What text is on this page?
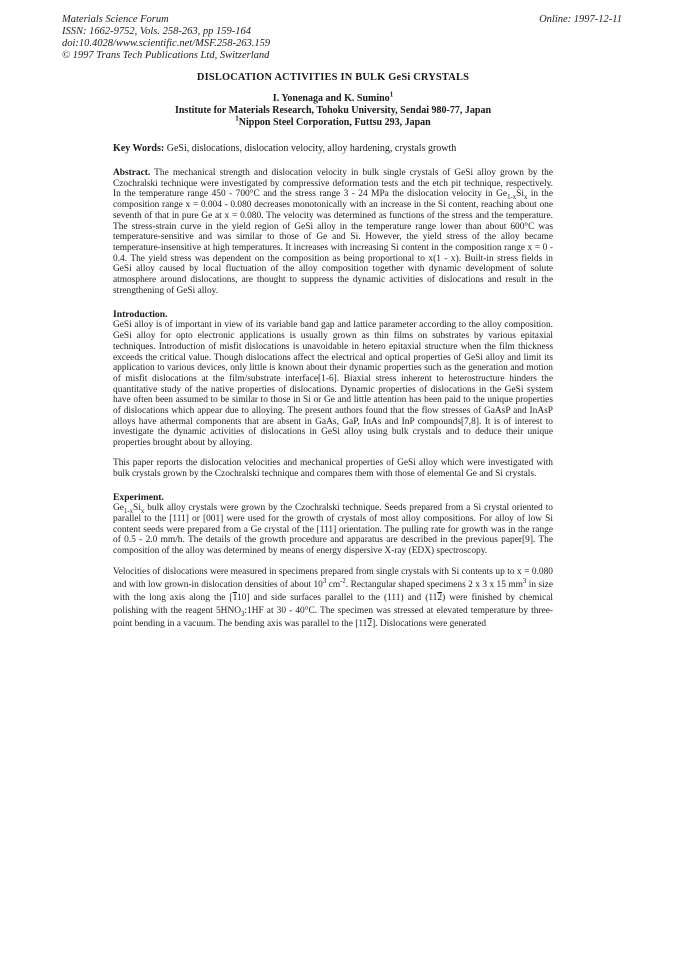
Materials Science Forum
ISSN: 1662-9752, Vols. 258-263, pp 159-164
doi:10.4028/www.scientific.net/MSF.258-263.159
© 1997 Trans Tech Publications Ltd, Switzerland
Online: 1997-12-11
DISLOCATION ACTIVITIES IN BULK GeSi CRYSTALS
I. Yonenaga and K. Sumino$^1$
Institute for Materials Research, Tohoku University, Sendai 980-77, Japan
$^1$Nippon Steel Corporation, Futtsu 293, Japan
Key Words: GeSi, dislocations, dislocation velocity, alloy hardening, crystals growth

Abstract. The mechanical strength and dislocation velocity in bulk single crystals of GeSi alloy grown by the Czochralski technique were investigated by compressive deformation tests and the etch pit technique, respectively. In the temperature range 450 - 700°C and the stress range 3 - 24 MPa the dislocation velocity in $Ge_{1-x}Si_x$ in the composition range x = 0.004 - 0.080 decreases monotonically with an increase in the Si content, reaching about one seventh of that in pure Ge at x = 0.080. The velocity was determined as functions of the stress and the temperature. The stress-strain curve in the yield region of GeSi alloy in the temperature range lower than about 600°C was temperature-sensitive and was similar to those of Ge and Si. However, the yield stress of the alloy became temperature-insensitive at high temperatures. It increases with increasing Si content in the composition range x = 0 - 0.4. The yield stress was dependent on the composition as being proportional to x(1 - x). Built-in stress fields in GeSi alloy caused by local fluctuation of the alloy composition together with dynamic development of solute atmosphere around dislocations, are thought to suppress the dynamic activities of dislocations and result in the strengthening of GeSi alloy.

Introduction.

GeSi alloy is of important in view of its variable band gap and lattice parameter according to the alloy composition. GeSi alloy for opto electronic applications is usually grown as thin films on substrates by various epitaxial techniques. Introduction of misfit dislocations is unavoidable in hetero epitaxial structure when the film thickness exceeds the critical value. Though dislocations affect the electrical and optical properties of GeSi alloy and limit its application to various devices, only little is known about their dynamic properties such as the generation and motion of misfit dislocations at the film/substrate interface[1-6]. Biaxial stress inherent to heterostructure hinders the quantitative study of the native properties of dislocations. Dynamic properties of dislocations in the GeSi system have often been assumed to be similar to those in Si or Ge and little attention has been paid to the unique properties of dislocations which appear due to alloying. The present authors found that the flow stresses of GaAsP and InAsP alloys have athermal components that are absent in GaAs, GaP, InAs and InP compounds[7,8]. It is of interest to investigate the dynamic activities of dislocations in GeSi alloy using bulk crystals and to deduce their unique properties brought about by alloying.

This paper reports the dislocation velocities and mechanical properties of GeSi alloy which were investigated with bulk crystals grown by the Czochralski technique and compares them with those of elemental Ge and Si crystals.

Experiment.

$Ge_{1-x}Si_x$ bulk alloy crystals were grown by the Czochralski technique. Seeds prepared from a Si crystal oriented to parallel to the [111] or [001] were used for the growth of crystals of most alloy compositions. For alloy of low Si content seeds were prepared from a Ge crystal of the [111] orientation. The pulling rate for growth was in the range of 0.5 - 2.0 mm/h. The details of the growth procedure and apparatus are described in the previous paper[9]. The composition of the alloy was determined by means of energy dispersive X-ray (EDX) spectroscopy.

Velocities of dislocations were measured in specimens prepared from single crystals with Si contents up to x = 0.080 and with low grown-in dislocation densities of about $10^3$ $cm^{-2}$. Rectangular shaped specimens 2 x 3 x 15 $mm^3$ in size with the long axis along the [110] and side surfaces parallel to the (111) and (112) were finished by chemical polishing with the reagent $5HNO_3:1HF$ at 30 - 40°C. The specimen was stressed at elevated temperature by three-point bending in a vacuum. The bending axis was parallel to the [112]. Dislocations were generated
